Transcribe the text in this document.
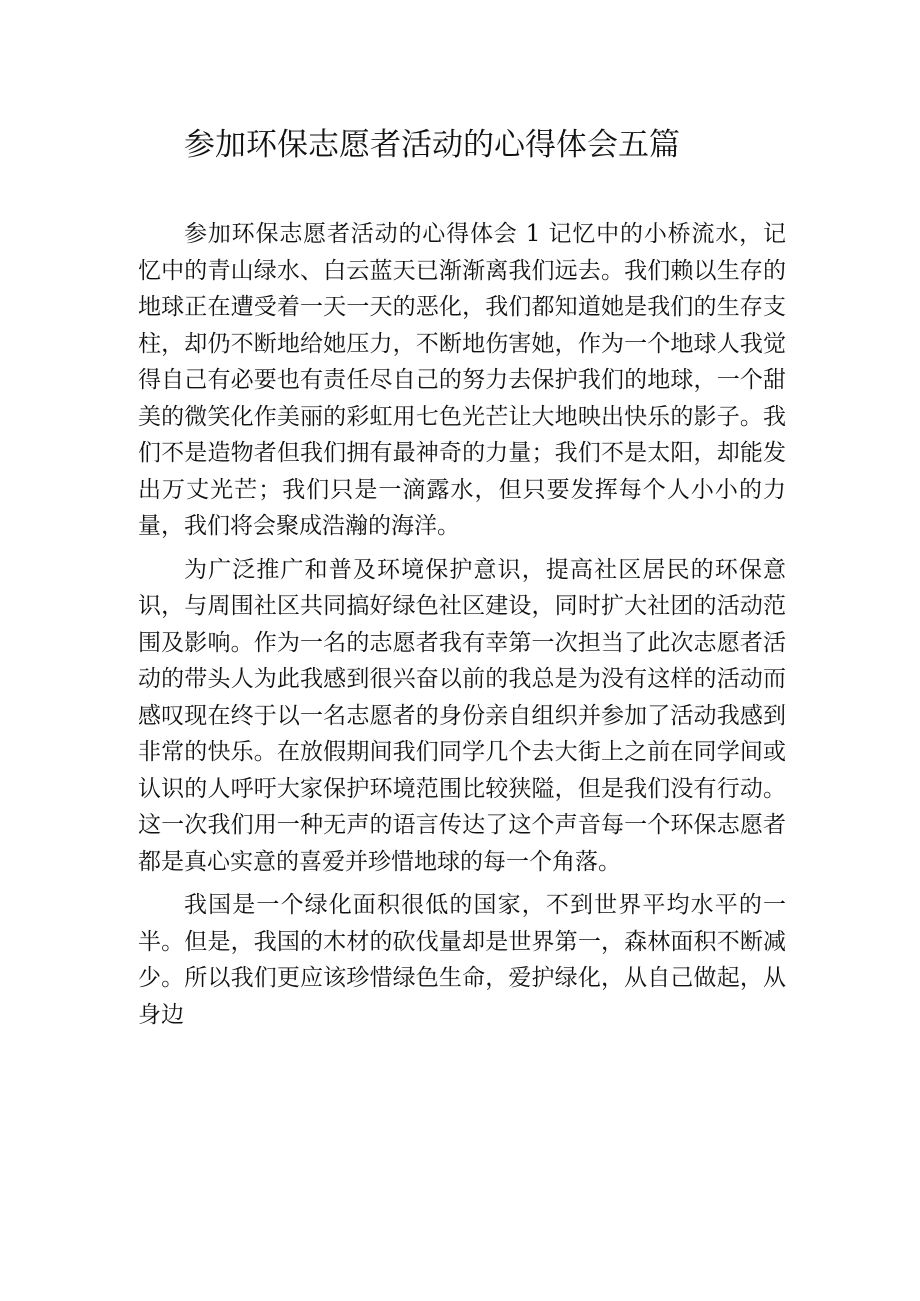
参加环保志愿者活动的心得体会五篇

参加环保志愿者活动的心得体会 1 记忆中的小桥流水，记忆中的青山绿水、白云蓝天已渐渐离我们远去。我们赖以生存的地球正在遭受着一天一天的恶化，我们都知道她是我们的生存支柱，却仍不断地给她压力，不断地伤害她，作为一个地球人我觉得自己有必要也有责任尽自己的努力去保护我们的地球，一个甜美的微笑化作美丽的彩虹用七色光芒让大地映出快乐的影子。我们不是造物者但我们拥有最神奇的力量；我们不是太阳，却能发出万丈光芒；我们只是一滴露水，但只要发挥每个人小小的力量，我们将会聚成浩瀚的海洋。

为广泛推广和普及环境保护意识，提高社区居民的环保意识，与周围社区共同搞好绿色社区建设，同时扩大社团的活动范围及影响。作为一名的志愿者我有幸第一次担当了此次志愿者活动的带头人为此我感到很兴奋以前的我总是为没有这样的活动而感叹现在终于以一名志愿者的身份亲自组织并参加了活动我感到非常的快乐。在放假期间我们同学几个去大街上之前在同学间或认识的人呼吁大家保护环境范围比较狭隘，但是我们没有行动。这一次我们用一种无声的语言传达了这个声音每一个环保志愿者都是真心实意的喜爱并珍惜地球的每一个角落。

我国是一个绿化面积很低的国家，不到世界平均水平的一半。但是，我国的木材的砍伐量却是世界第一，森林面积不断减少。所以我们更应该珍惜绿色生命，爱护绿化，从自己做起，从身边
